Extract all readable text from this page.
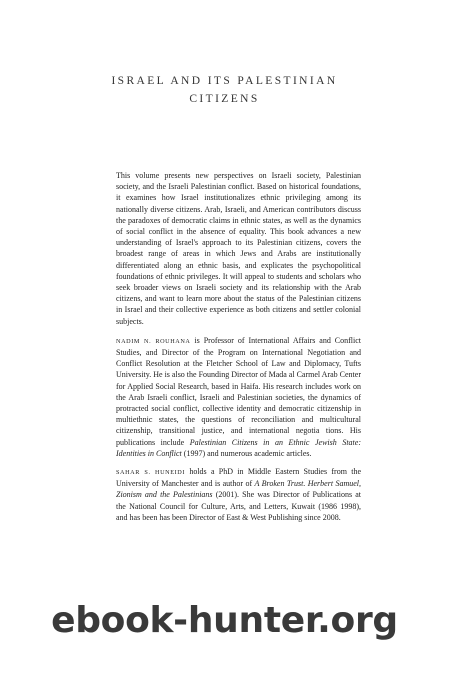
ISRAEL AND ITS PALESTINIAN
CITIZENS

This volume presents new perspectives on Israeli society, Palestinian society, and the Israeli Palestinian conflict. Based on historical foundations, it examines how Israel institutionalizes ethnic privileging among its nationally diverse citizens. Arab, Israeli, and American contributors discuss the paradoxes of democratic claims in ethnic states, as well as the dynamics of social conflict in the absence of equality. This book advances a new understanding of Israel's approach to its Palestinian citizens, covers the broadest range of areas in which Jews and Arabs are institutionally differentiated along an ethnic basis, and explicates the psychopolitical foundations of ethnic privileges. It will appeal to students and scholars who seek broader views on Israeli society and its relationship with the Arab citizens, and want to learn more about the status of the Palestinian citizens in Israel and their collective experience as both citizens and settler colonial subjects.

NADIM N. ROUHANA is Professor of International Affairs and Conflict Studies, and Director of the Program on International Negotiation and Conflict Resolution at the Fletcher School of Law and Diplomacy, Tufts University. He is also the Founding Director of Mada al Carmel Arab Center for Applied Social Research, based in Haifa. His research includes work on the Arab Israeli conflict, Israeli and Palestinian societies, the dynamics of protracted social conflict, collective identity and democratic citizenship in multiethnic states, the questions of reconciliation and multicultural citizenship, transitional justice, and international negotia tions. His publications include Palestinian Citizens in an Ethnic Jewish State: Identities in Conflict (1997) and numerous academic articles.

SAHAR S. HUNEIDI holds a PhD in Middle Eastern Studies from the University of Manchester and is author of A Broken Trust. Herbert Samuel, Zionism and the Palestinians (2001). She was Director of Publications at the National Council for Culture, Arts, and Letters, Kuwait (1986 1998), and has been has been Director of East & West Publishing since 2008.

ebook-hunter.org
